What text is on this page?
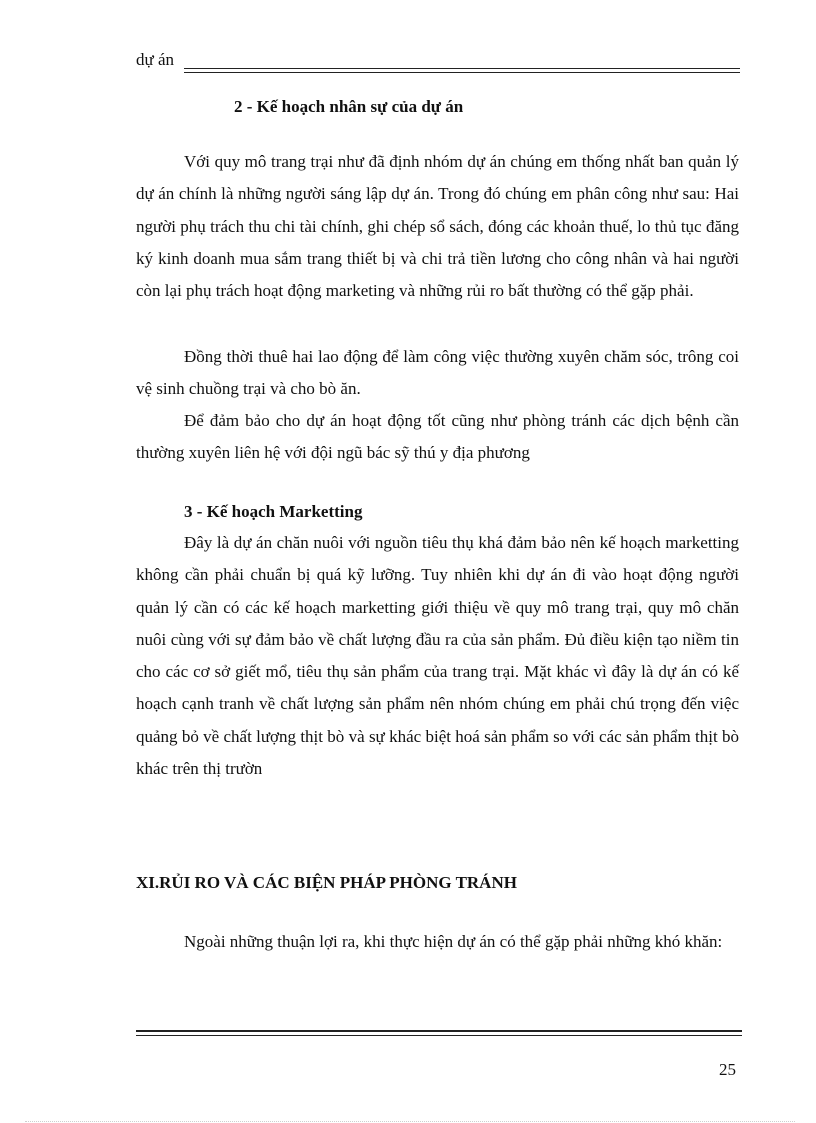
dự án
2 - Kế hoạch nhân sự của dự án

Với quy mô trang trại như đã định nhóm dự án chúng em thống nhất ban quản lý dự án chính là những người sáng lập dự án. Trong đó chúng em phân công như sau: Hai người phụ trách thu chi tài chính, ghi chép sổ sách, đóng các khoản thuế, lo thủ tục đăng ký kinh doanh mua sắm trang thiết bị và chi trả tiền lương cho công nhân và hai người còn lại phụ trách hoạt động marketing và những rủi ro bất thường có thể gặp phải.

Đồng thời thuê hai lao động để làm công việc thường xuyên chăm sóc, trông coi vệ sinh chuồng trại và cho bò ăn.

Để đảm bảo cho dự án hoạt động tốt cũng như phòng tránh các dịch bệnh cần thường xuyên liên hệ với đội ngũ bác sỹ thú y địa phương

3 - Kế hoạch Marketting

Đây là dự án chăn nuôi với nguồn tiêu thụ khá đảm bảo nên kế hoạch marketting không cần phải chuẩn bị quá kỹ lưỡng. Tuy nhiên khi dự án đi vào hoạt động người quản lý cần có các kế hoạch marketting giới thiệu về quy mô trang trại, quy mô chăn nuôi cùng với sự đảm bảo về chất lượng đầu ra của sản phẩm. Đủ điều kiện tạo niềm tin cho các cơ sở giết mổ, tiêu thụ sản phẩm của trang trại. Mặt khác vì đây là dự án có kế hoạch cạnh tranh về chất lượng sản phẩm nên nhóm chúng em phải chú trọng đến việc quảng bỏ về chất lượng thịt bò và sự khác biệt hoá sản phẩm so với các sản phẩm thịt bò khác trên thị trườn

XI.RỦI RO VÀ CÁC BIỆN PHÁP PHÒNG TRÁNH

Ngoài những thuận lợi ra, khi thực hiện dự án có thể gặp phải những khó khăn:

25
